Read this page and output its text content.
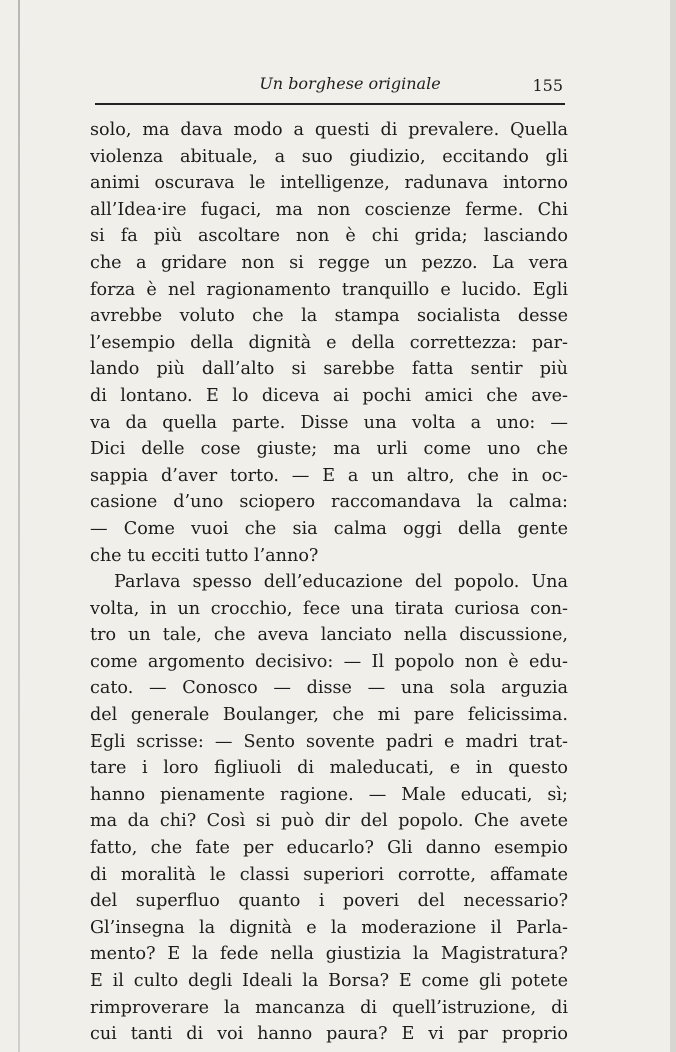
Un borghese originale	155
solo, ma dava modo a questi di prevalere. Quella
violenza abituale, a suo giudizio, eccitando gli
animi oscurava le intelligenze, radunava intorno
all’Idea·ire fugaci, ma non coscienze ferme. Chi
si fa più ascoltare non è chi grida; lasciando
che a gridare non si regge un pezzo. La vera
forza è nel ragionamento tranquillo e lucido. Egli
avrebbe voluto che la stampa socialista desse
l’esempio della dignità e della correttezza: par-
lando più dall’alto si sarebbe fatta sentir più
di lontano. E lo diceva ai pochi amici che ave-
va da quella parte. Disse una volta a uno: —
Dici delle cose giuste; ma urli come uno che
sappia d’aver torto. — E a un altro, che in oc-
casione d’uno sciopero raccomandava la calma:
— Come vuoi che sia calma oggi della gente
che tu ecciti tutto l’anno?
Parlava spesso dell’educazione del popolo. Una
volta, in un crocchio, fece una tirata curiosa con-
tro un tale, che aveva lanciato nella discussione,
come argomento decisivo: — Il popolo non è edu-
cato. — Conosco — disse — una sola arguzia
del generale Boulanger, che mi pare felicissima.
Egli scrisse: — Sento sovente padri e madri trat-
tare i loro figliuoli di maleducati, e in questo
hanno pienamente ragione. — Male educati, sì;
ma da chi? Così si può dir del popolo. Che avete
fatto, che fate per educarlo? Gli danno esempio
di moralità le classi superiori corrotte, affamate
del superfluo quanto i poveri del necessario?
Gl’insegna la dignità e la moderazione il Parla-
mento? E la fede nella giustizia la Magistratura?
E il culto degli Ideali la Borsa? E come gli potete
rimproverare la mancanza di quell’istruzione, di
cui tanti di voi hanno paura? E vi par proprio
